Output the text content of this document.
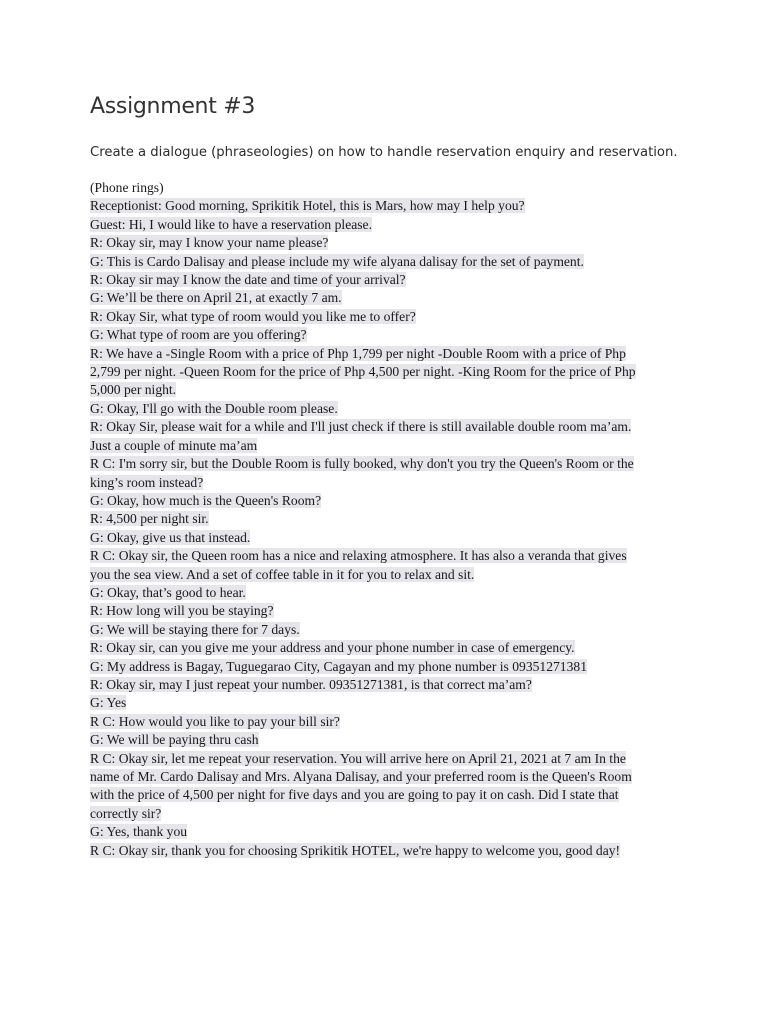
Assignment #3
Create a dialogue (phraseologies) on how to handle reservation enquiry and reservation.
(Phone rings)
Receptionist: Good morning, Sprikitik Hotel, this is Mars, how may I help you?
Guest: Hi, I would like to have a reservation please.
R: Okay sir, may I know your name please?
G: This is Cardo Dalisay and please include my wife alyana dalisay for the set of payment.
R: Okay sir may I know the date and time of your arrival?
G: We’ll be there on April 21, at exactly 7 am.
R: Okay Sir, what type of room would you like me to offer?
G: What type of room are you offering?
R: We have a -Single Room with a price of Php 1,799 per night -Double Room with a price of Php
2,799 per night. -Queen Room for the price of Php 4,500 per night. -King Room for the price of Php
5,000 per night.
G: Okay, I'll go with the Double room please.
R: Okay Sir, please wait for a while and I'll just check if there is still available double room ma’am.
Just a couple of minute ma’am
R C: I'm sorry sir, but the Double Room is fully booked, why don't you try the Queen's Room or the
king’s room instead?
G: Okay, how much is the Queen's Room?
R: 4,500 per night sir.
G: Okay, give us that instead.
R C: Okay sir, the Queen room has a nice and relaxing atmosphere. It has also a veranda that gives
you the sea view. And a set of coffee table in it for you to relax and sit.
G: Okay, that’s good to hear.
R: How long will you be staying?
G: We will be staying there for 7 days.
R: Okay sir, can you give me your address and your phone number in case of emergency.
G: My address is Bagay, Tuguegarao City, Cagayan and my phone number is 09351271381
R: Okay sir, may I just repeat your number. 09351271381, is that correct ma’am?
G: Yes
R C: How would you like to pay your bill sir?
G: We will be paying thru cash
R C: Okay sir, let me repeat your reservation. You will arrive here on April 21, 2021 at 7 am In the
name of Mr. Cardo Dalisay and Mrs. Alyana Dalisay, and your preferred room is the Queen's Room
with the price of 4,500 per night for five days and you are going to pay it on cash. Did I state that
correctly sir?
G: Yes, thank you
R C: Okay sir, thank you for choosing Sprikitik HOTEL, we're happy to welcome you, good day!
